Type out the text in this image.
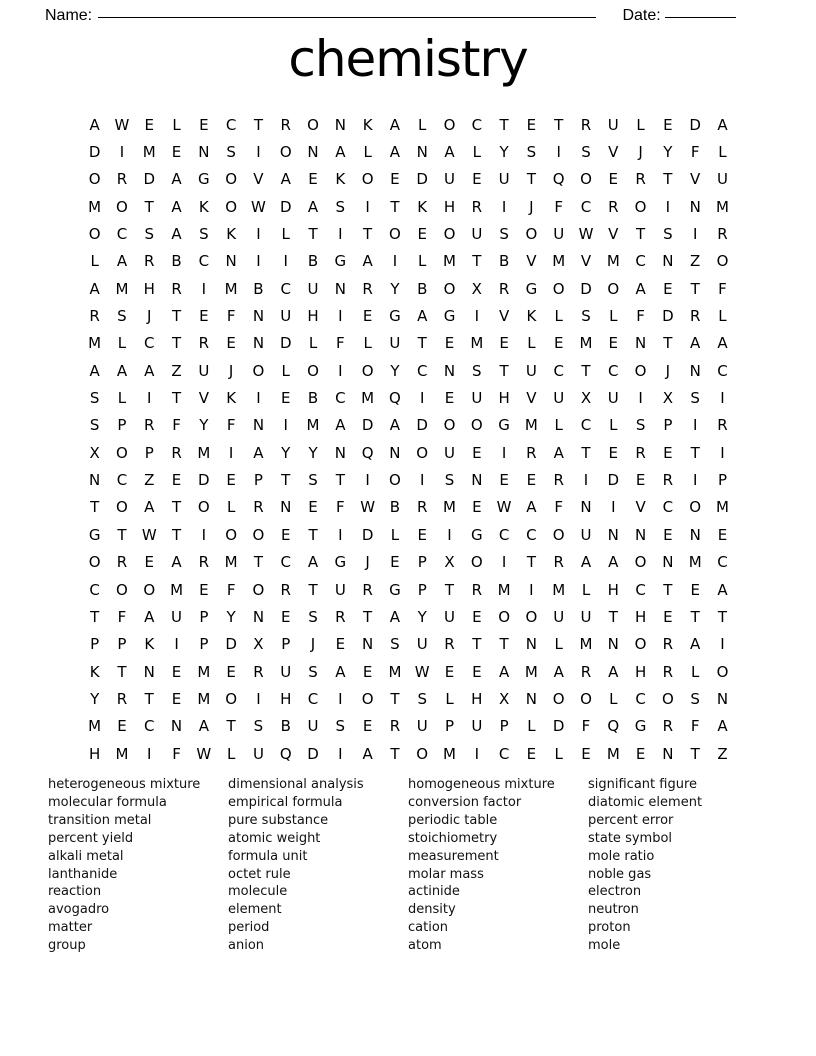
Name: ________________________________________________________ Date: ________
chemistry
A W	E	L	E	C	T	R	O	N	K	A	L	O	C	T	E	T	R	U	L	E	D	A
D	I	M	E	N	S	I	O	N	A	L	A	N	A	L	Y	S	I	S	V	J	Y	F	L
O	R	D	A	G	O	V	A	E	K	O	E	D	U	E	U	T	Q	O	E	R	T	V	U
M O	T	A	K	O W D	A	S	I	T	K	H	R	I	J	F	C	R	O	I	N	M
O	C	S	A	S	K	I	L	T	I	T	O	E	O	U	S	O	U W V	T	S	I	R
L	A	R	B	C	N	I	I	B	G	A	I	L	M	T	B	V	M	V	M	C	N	Z	O
A	M	H	R	I	M	B	C	U	N	R	Y	B	O	X	R	G	O	D	O	A	E	T	F
R	S	J	T	E	F	N	U	H	I	E	G	A	G	I	V	K	L	S	L	F	D	R	L
M	L	C	T	R	E	N	D	L	F	L	U	T	E	M	E	L	E	M	E	N	T	A	A
A	A	A	Z	U	J	O	L	O	I	O	Y	C	N	S	T	U	C	T	C	O	J	N	C
S	L	I	T	V	K	I	E	B	C	M Q	I	E	U	H	V	U	X	U	I	X	S	I
S	P	R	F	Y	F	N	I	M	A	D	A	D	O	O	G	M	L	C	L	S	P	I	R
X	O	P	R	M	I	A	Y	Y	N	Q	N	O	U	E	I	R	A	T	E	R	E	T	I
N	C	Z	E	D	E	P	T	S	T	I	O	I	S	N	E	E	R	I	D	E	R	I	P
T	O	A	T	O	L	R	N	E	F	W B	R	M	E	W A	F	N	I	V	C	O M
G	T	W	T	I	O	O	E	T	I	D	L	E	I	G	C	C	O	U	N	N	E	N	E
O	R	E	A	R	M	T	C	A	G	J	E	P	X	O	I	T	R	A	A	O	N	M	C
C	O	O M	E	F	O	R	T	U	R	G	P	T	R	M	I	M	L	H	C	T	E	A
T	F	A	U	P	Y	N	E	S	R	T	A	Y	U	E	O	O	U	U	T	H	E	T	T
P	P	K	I	P	D	X	P	J	E	N	S	U	R	T	T	N	L	M	N	O	R	A	I
K	T	N	E	M	E	R	U	S	A	E	M W	E	E	A	M	A	R	A	H	R	L	O
Y	R	T	E	M O	I	H	C	I	O	T	S	L	H	X	N	O	O	L	C	O	S	N
M	E	C	N	A	T	S	B	U	S	E	R	U	P	U	P	L	D	F	Q	G	R	F	A
H	M	I	F	W	L	U	Q	D	I	A	T	O M	I	C	E	L	E	M	E	N	T	Z
heterogeneous mixture
molecular formula
transition metal
percent yield
alkali metal
lanthanide
reaction
avogadro
matter
group
dimensional analysis
empirical formula
pure substance
atomic weight
formula unit
octet rule
molecule
element
period
anion
homogeneous mixture
conversion factor
periodic table
stoichiometry
measurement
molar mass
actinide
density
cation
atom
significant figure
diatomic element
percent error
state symbol
mole ratio
noble gas
electron
neutron
proton
mole
